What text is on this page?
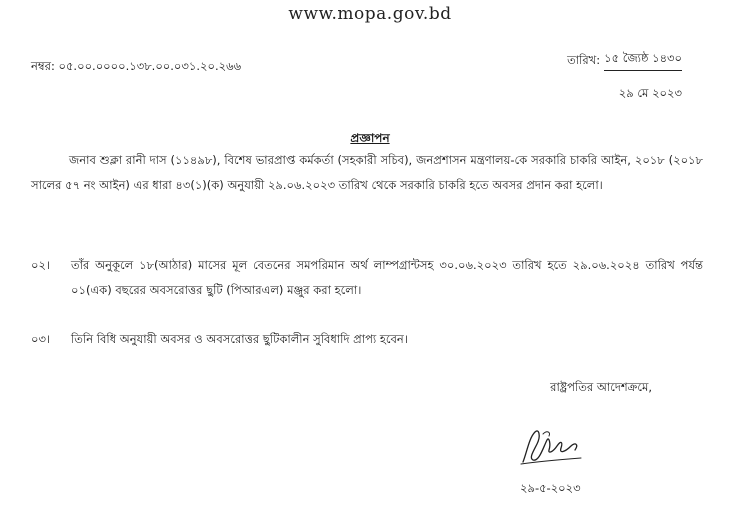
www.mopa.gov.bd
নম্বর: ০৫.০০.০০০০.১৩৮.০০.০৩১.২০.২৬৬	তারিখ: ১৫ জ্যৈষ্ঠ ১৪৩০
২৯ মে ২০২৩
প্রজ্ঞাপন
জনাব শুক্লা রানী দাস (১১৪৯৮), বিশেষ ভারপ্রাপ্ত কর্মকর্তা (সহকারী সচিব), জনপ্রশাসন মন্ত্রণালয়-কে সরকারি চাকরি আইন, ২০১৮ (২০১৮ সালের ৫৭ নং আইন) এর ধারা ৪৩(১)(ক) অনুযায়ী ২৯.০৬.২০২৩ তারিখ থেকে সরকারি চাকরি হতে অবসর প্রদান করা হলো।
০২।	তাঁর অনুকূলে ১৮(আঠার) মাসের মূল বেতনের সমপরিমান অর্থ লাম্পগ্রান্টসহ ৩০.০৬.২০২৩ তারিখ হতে ২৯.০৬.২০২৪ তারিখ পর্যন্ত ০১(এক) বছরের অবসরোত্তর ছুটি (পিআরএল) মঞ্জুর করা হলো।
০৩।	তিনি বিধি অনুযায়ী অবসর ও অবসরোত্তর ছুটিকালীন সুবিধাদি প্রাপ্য হবেন।
রাষ্ট্রপতির আদেশক্রমে,
২৯-৫-২০২৩
